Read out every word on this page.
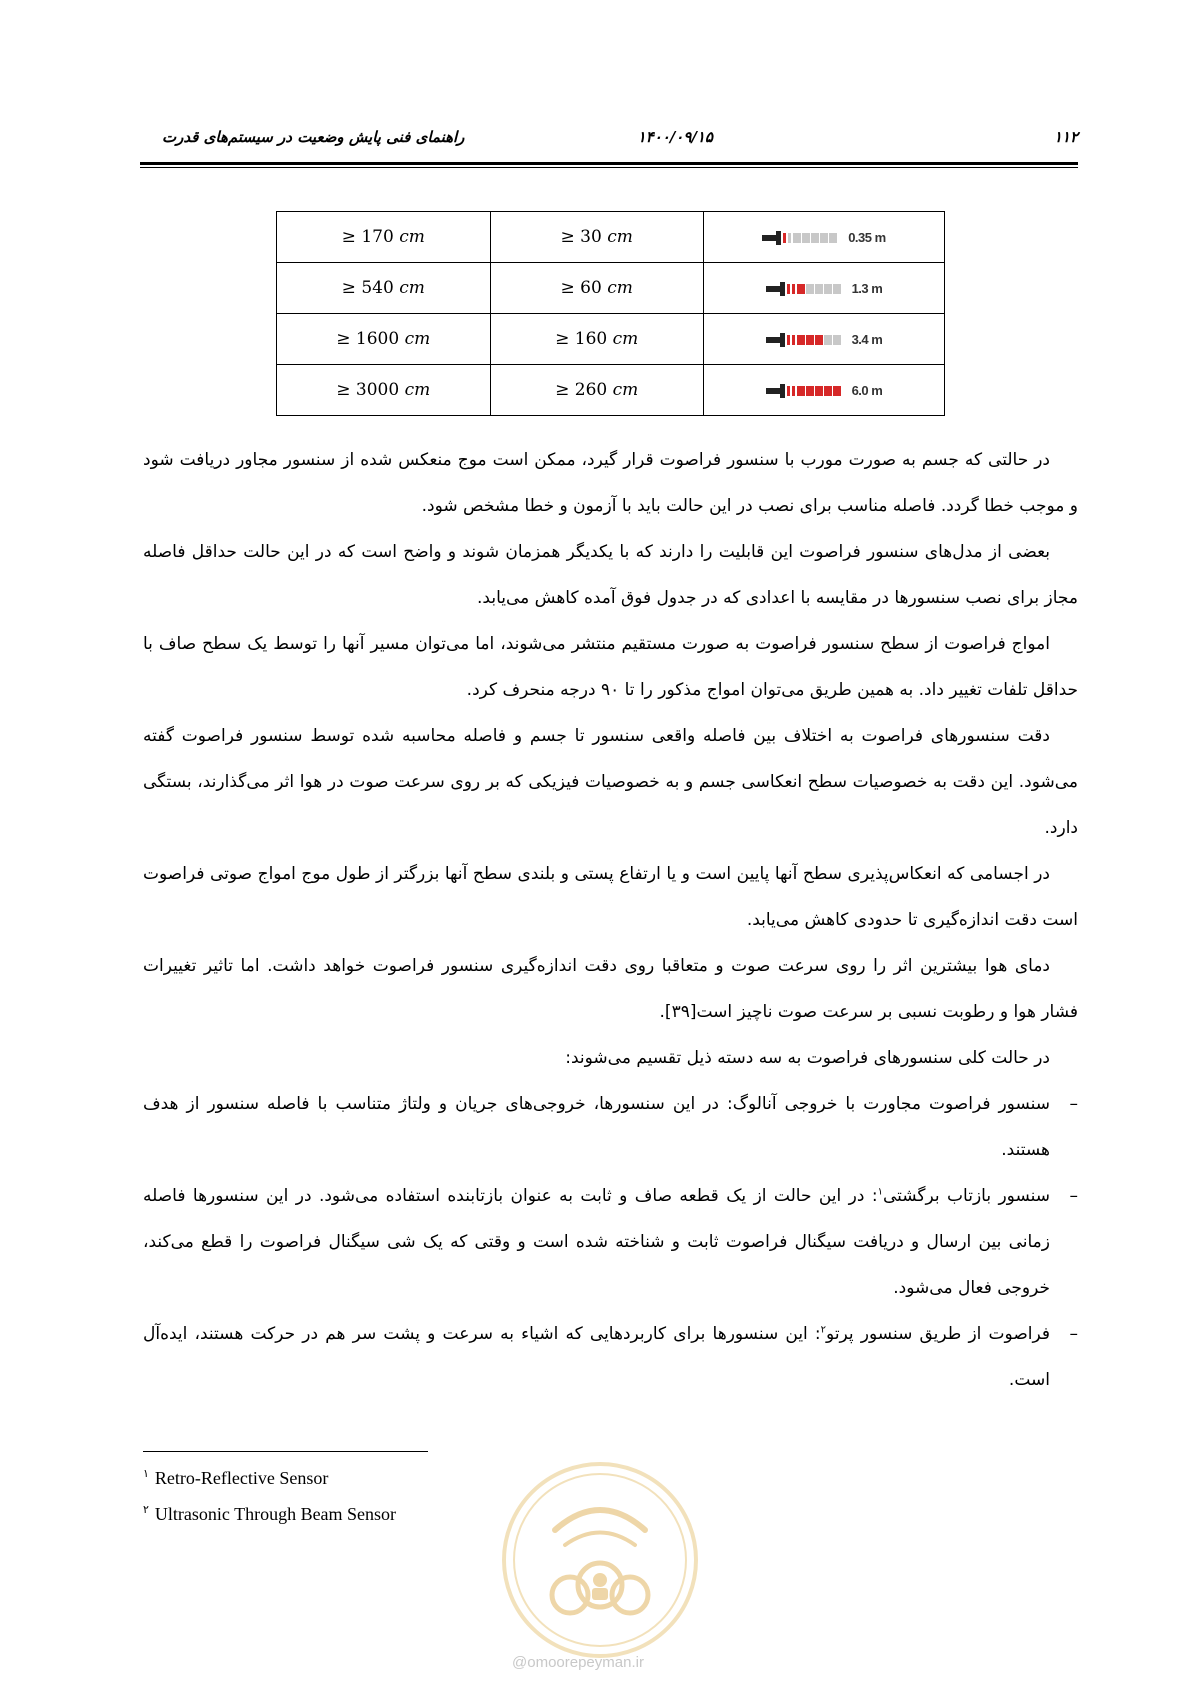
۱۱۲
۱۴۰۰/۰۹/۱۵
راهنمای فنی پایش وضعیت در سیستم‌های قدرت
≥ 170 cm	≥ 30 cm	0.35 m

≥ 540 cm	≥ 60 cm	1.3 m

≥ 1600 cm	≥ 160 cm	3.4 m

≥ 3000 cm	≥ 260 cm	6.0 m

در حالتی که جسم به صورت مورب با سنسور فراصوت قرار گیرد، ممکن است موج منعکس شده از سنسور مجاور دریافت شود و موجب خطا گردد. فاصله مناسب برای نصب در این حالت باید با آزمون و خطا مشخص شود.

بعضی از مدل‌های سنسور فراصوت این قابلیت را دارند که با یکدیگر همزمان شوند و واضح است که در این حالت حداقل فاصله مجاز برای نصب سنسورها در مقایسه با اعدادی که در جدول فوق آمده کاهش می‌یابد.

امواج فراصوت از سطح سنسور فراصوت به صورت مستقیم منتشر می‌شوند، اما می‌توان مسیر آنها را توسط یک سطح صاف با حداقل تلفات تغییر داد. به همین طریق می‌توان امواج مذکور را تا ۹۰ درجه منحرف کرد.

دقت سنسورهای فراصوت به اختلاف بین فاصله واقعی سنسور تا جسم و فاصله محاسبه شده توسط سنسور فراصوت گفته می‌شود. این دقت به خصوصیات سطح انعکاسی جسم و به خصوصیات فیزیکی که بر روی سرعت صوت در هوا اثر می‌گذارند، بستگی دارد.

در اجسامی که انعکاس‌پذیری سطح آنها پایین است و یا ارتفاع پستی و بلندی سطح آنها بزرگتر از طول موج امواج صوتی فراصوت است دقت اندازه‌گیری تا حدودی کاهش می‌یابد.

دمای هوا بیشترین اثر را روی سرعت صوت و متعاقبا روی دقت اندازه‌گیری سنسور فراصوت خواهد داشت. اما تاثیر تغییرات فشار هوا و رطوبت نسبی بر سرعت صوت ناچیز است[۳۹].

در حالت کلی سنسورهای فراصوت به سه دسته ذیل تقسیم می‌شوند:

–
سنسور فراصوت مجاورت با خروجی آنالوگ: در این سنسورها، خروجی‌های جریان و ولتاژ متناسب با فاصله سنسور از هدف هستند.
–
سنسور بازتاب برگشتی$^۱$: در این حالت از یک قطعه صاف و ثابت به عنوان بازتابنده استفاده می‌شود. در این سنسورها فاصله زمانی بین ارسال و دریافت سیگنال فراصوت ثابت و شناخته شده است و وقتی که یک شی سیگنال فراصوت را قطع می‌کند، خروجی فعال می‌شود.
–
فراصوت از طریق سنسور پرتو$^۲$: این سنسورها برای کاربردهایی که اشیاء به سرعت و پشت سر هم در حرکت هستند، ایده‌آل است.
$^۱$ Retro-Reflective Sensor
$^۲$ Ultrasonic Through Beam Sensor
@omoorepeyman.ir
